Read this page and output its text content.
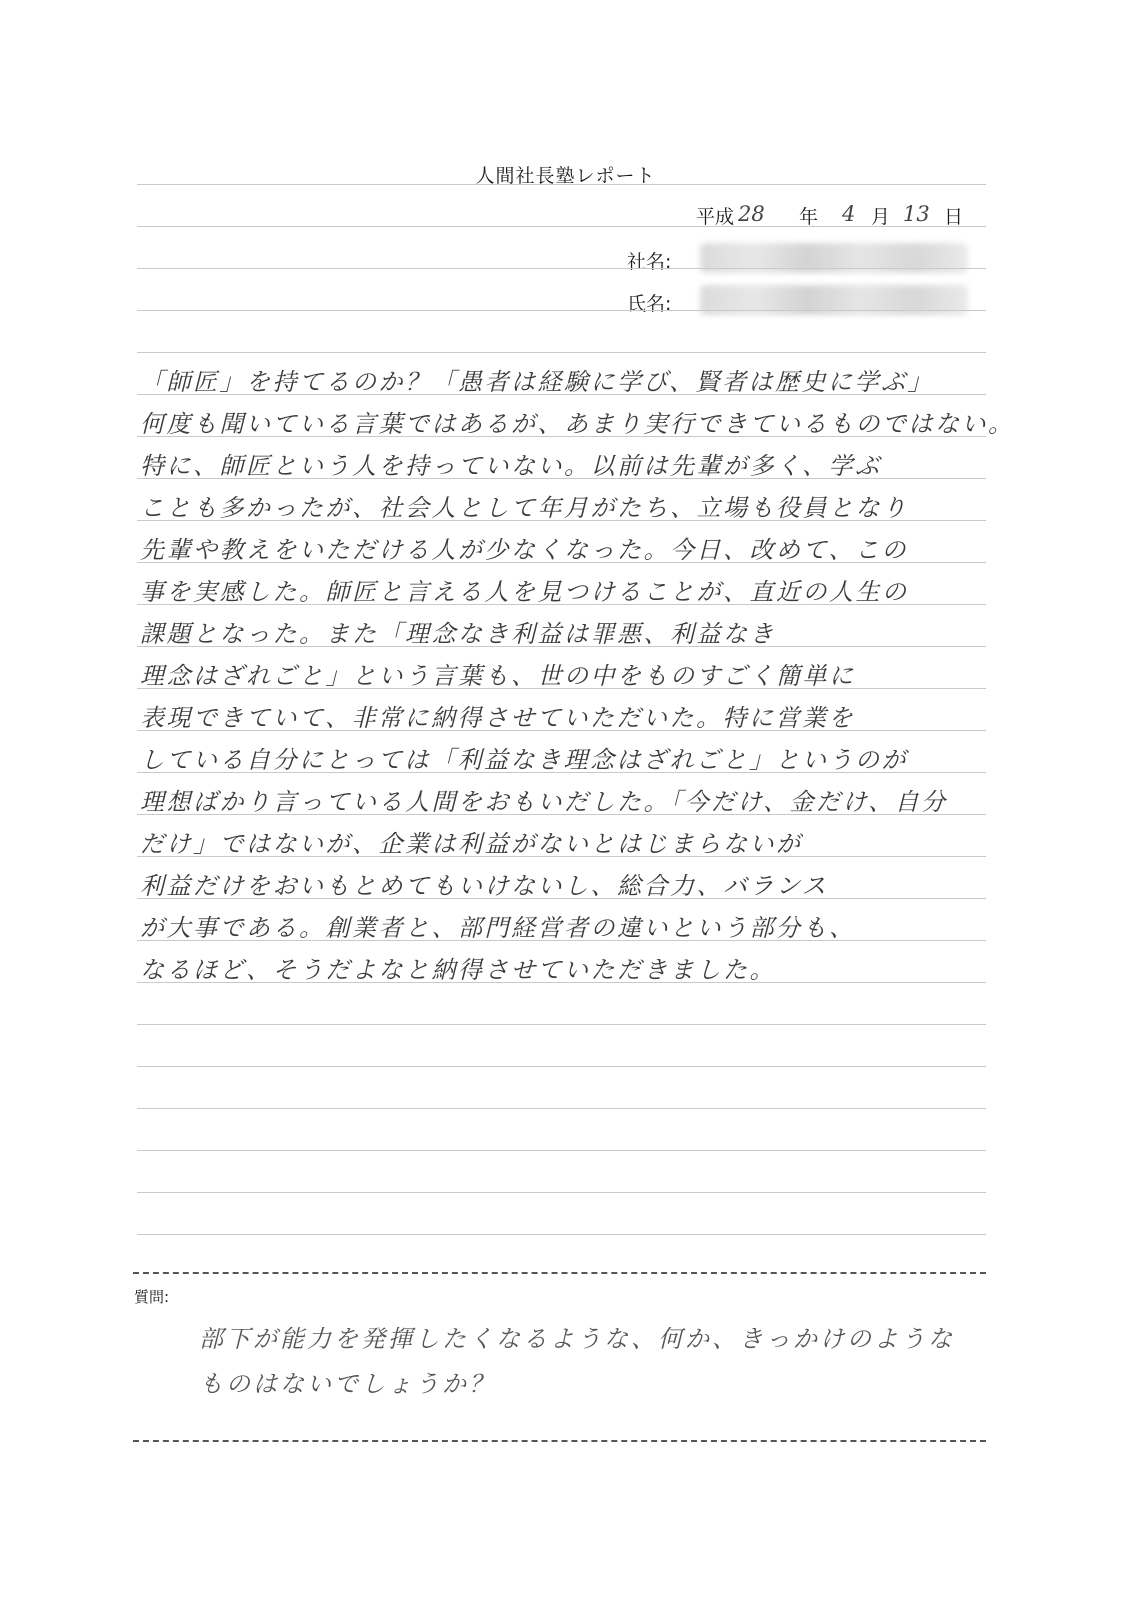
人間社長塾レポート
平成 28 年 4 月 13 日
社名:
氏名:

「師匠」を持てるのか？「愚者は経験に学び、賢者は歴史に学ぶ」

何度も聞いている言葉ではあるが、あまり実行できているものではない。

特に、師匠という人を持っていない。以前は先輩が多く、学ぶ

ことも多かったが、社会人として年月がたち、立場も役員となり

先輩や教えをいただける人が少なくなった。今日、改めて、この

事を実感した。師匠と言える人を見つけることが、直近の人生の

課題となった。また「理念なき利益は罪悪、利益なき

理念はざれごと」という言葉も、世の中をものすごく簡単に

表現できていて、非常に納得させていただいた。特に営業を

している自分にとっては「利益なき理念はざれごと」というのが

理想ばかり言っている人間をおもいだした。「今だけ、金だけ、自分

だけ」ではないが、企業は利益がないとはじまらないが

利益だけをおいもとめてもいけないし、総合力、バランス

が大事である。創業者と、部門経営者の違いという部分も、

なるほど、そうだよなと納得させていただきました。

質問:

部下が能力を発揮したくなるような、何か、きっかけのような

ものはないでしょうか？
